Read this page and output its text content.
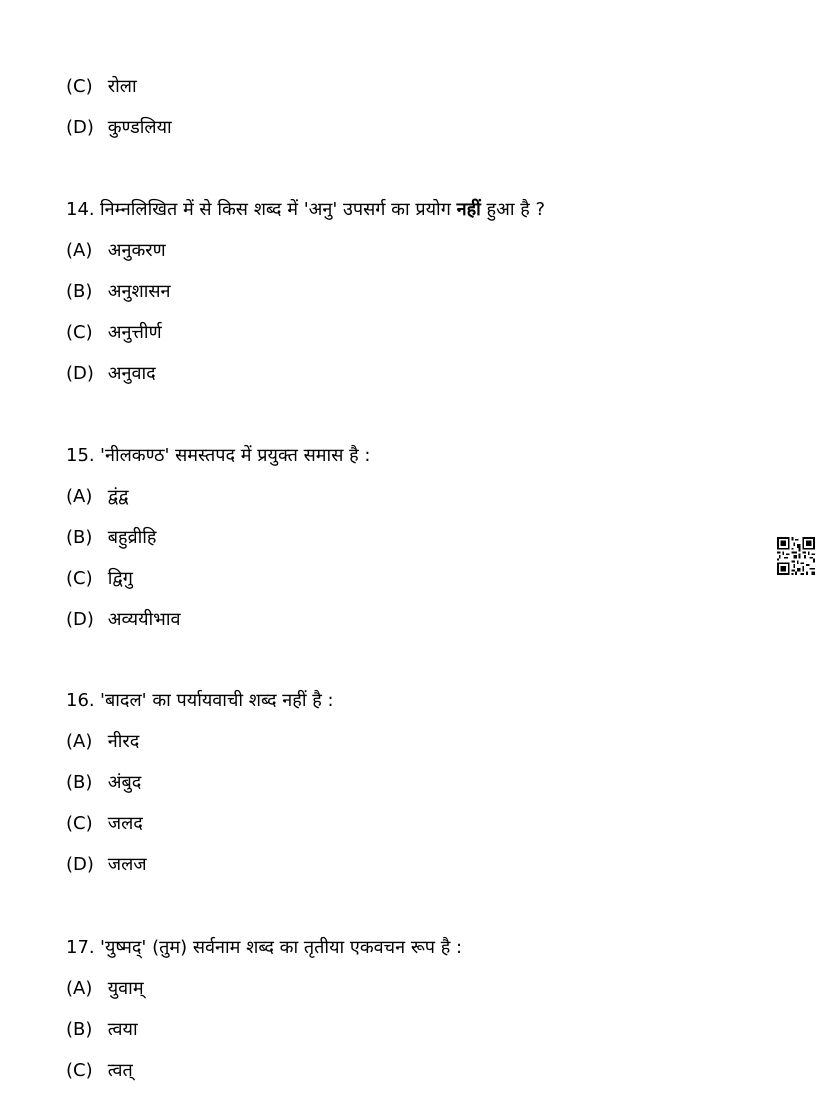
(C) रोला
(D) कुण्डलिया
14. निम्नलिखित में से किस शब्द में 'अनु' उपसर्ग का प्रयोग नहीं हुआ है ?
(A) अनुकरण
(B) अनुशासन
(C) अनुत्तीर्ण
(D) अनुवाद
15. 'नीलकण्ठ' समस्तपद में प्रयुक्त समास है :
(A) द्वंद्व
(B) बहुव्रीहि
(C) द्विगु
(D) अव्ययीभाव
16. 'बादल' का पर्यायवाची शब्द नहीं है :
(A) नीरद
(B) अंबुद
(C) जलद
(D) जलज
17. 'युष्मद्' (तुम) सर्वनाम शब्द का तृतीया एकवचन रूप है :
(A) युवाम्
(B) त्वया
(C) त्वत्
